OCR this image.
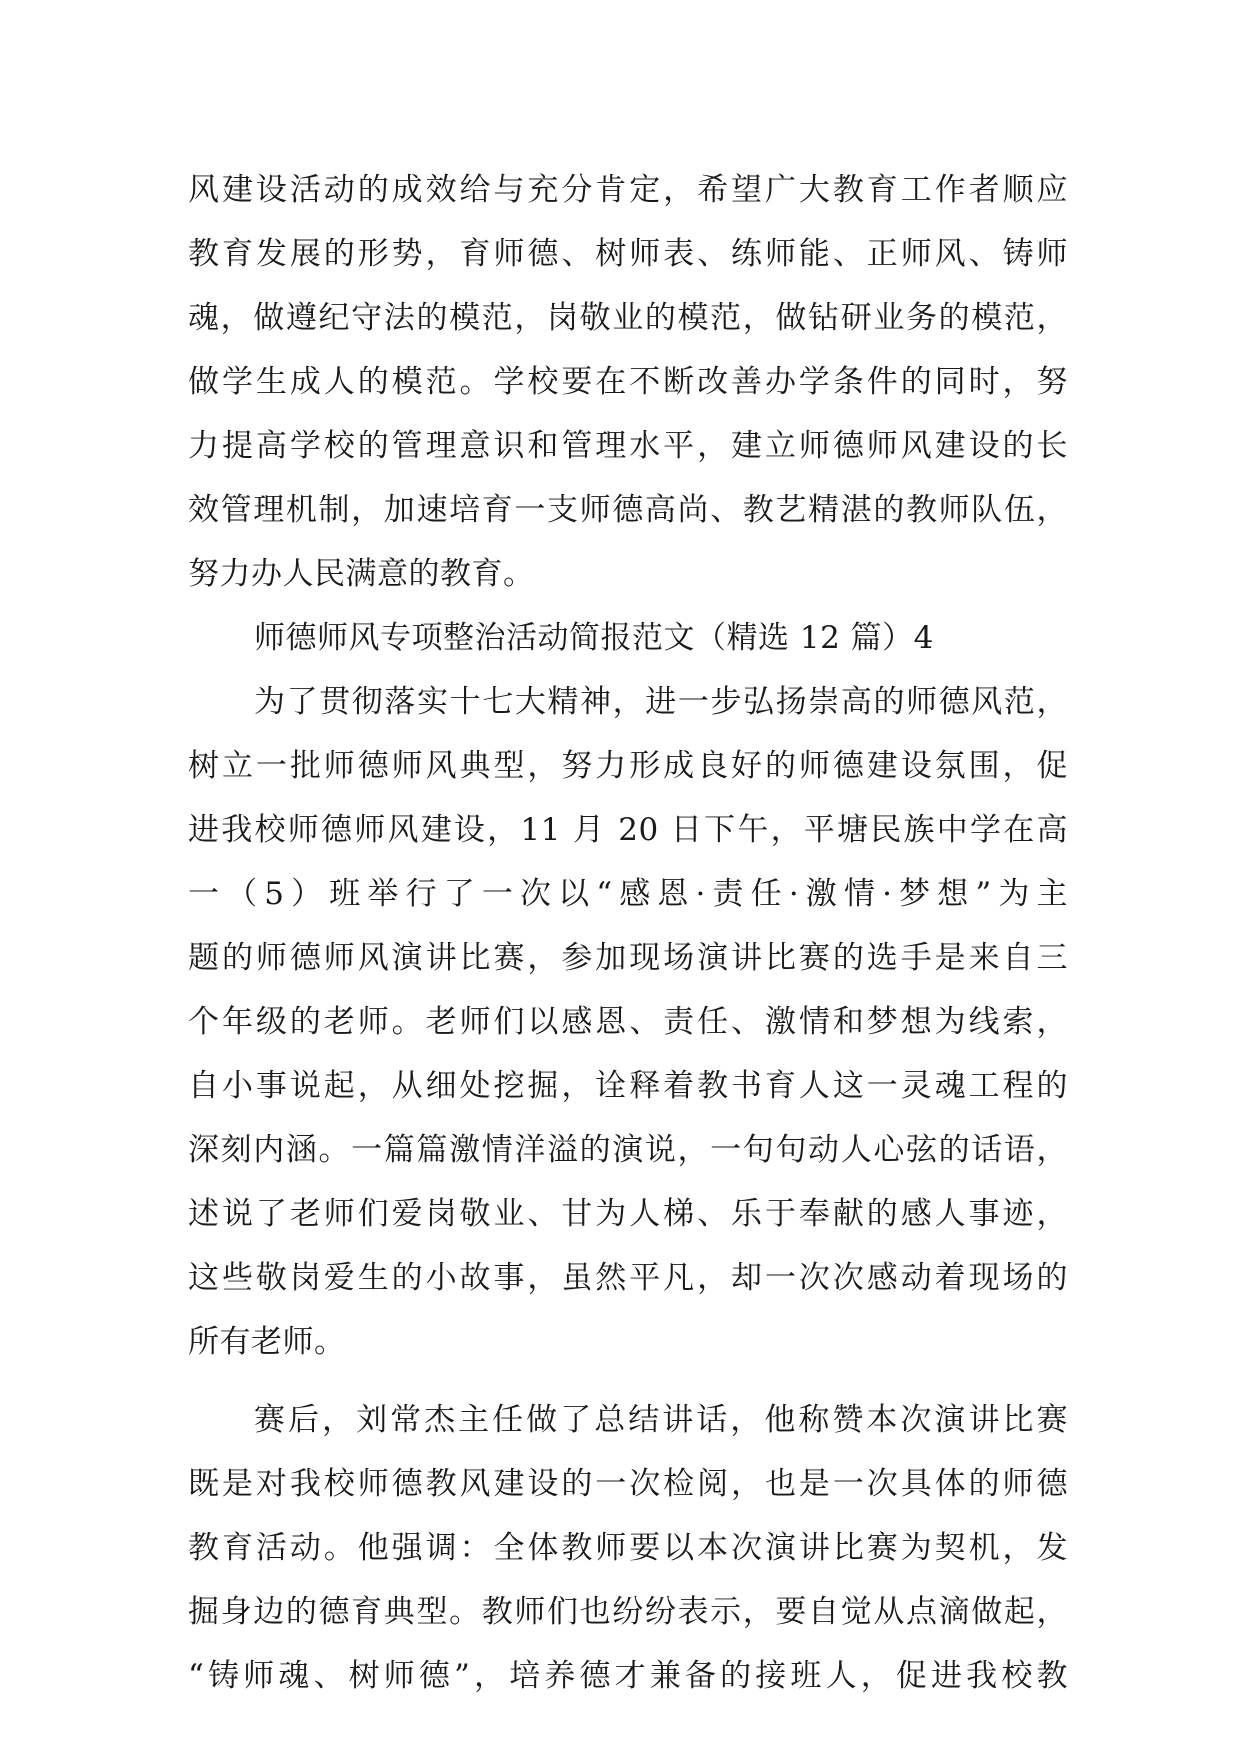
风建设活动的成效给与充分肯定，希望广大教育工作者顺应
教育发展的形势，育师德、树师表、练师能、正师风、铸师
魂，做遵纪守法的模范，岗敬业的模范，做钻研业务的模范，
做学生成人的模范。学校要在不断改善办学条件的同时，努
力提高学校的管理意识和管理水平，建立师德师风建设的长
效管理机制，加速培育一支师德高尚、教艺精湛的教师队伍，
努力办人民满意的教育。
师德师风专项整治活动简报范文（精选 12 篇）4
为了贯彻落实十七大精神，进一步弘扬崇高的师德风范，
树立一批师德师风典型，努力形成良好的师德建设氛围，促
进我校师德师风建设，11 月 20 日下午，平塘民族中学在高
一（5）班举行了一次以“感恩·责任·激情·梦想”为主
题的师德师风演讲比赛，参加现场演讲比赛的选手是来自三
个年级的老师。老师们以感恩、责任、激情和梦想为线索，
自小事说起，从细处挖掘，诠释着教书育人这一灵魂工程的
深刻内涵。一篇篇激情洋溢的演说，一句句动人心弦的话语，
述说了老师们爱岗敬业、甘为人梯、乐于奉献的感人事迹，
这些敬岗爱生的小故事，虽然平凡，却一次次感动着现场的
所有老师。
赛后，刘常杰主任做了总结讲话，他称赞本次演讲比赛
既是对我校师德教风建设的一次检阅，也是一次具体的师德
教育活动。他强调：全体教师要以本次演讲比赛为契机，发
掘身边的德育典型。教师们也纷纷表示，要自觉从点滴做起，
“铸师魂、树师德”，培养德才兼备的接班人，促进我校教
